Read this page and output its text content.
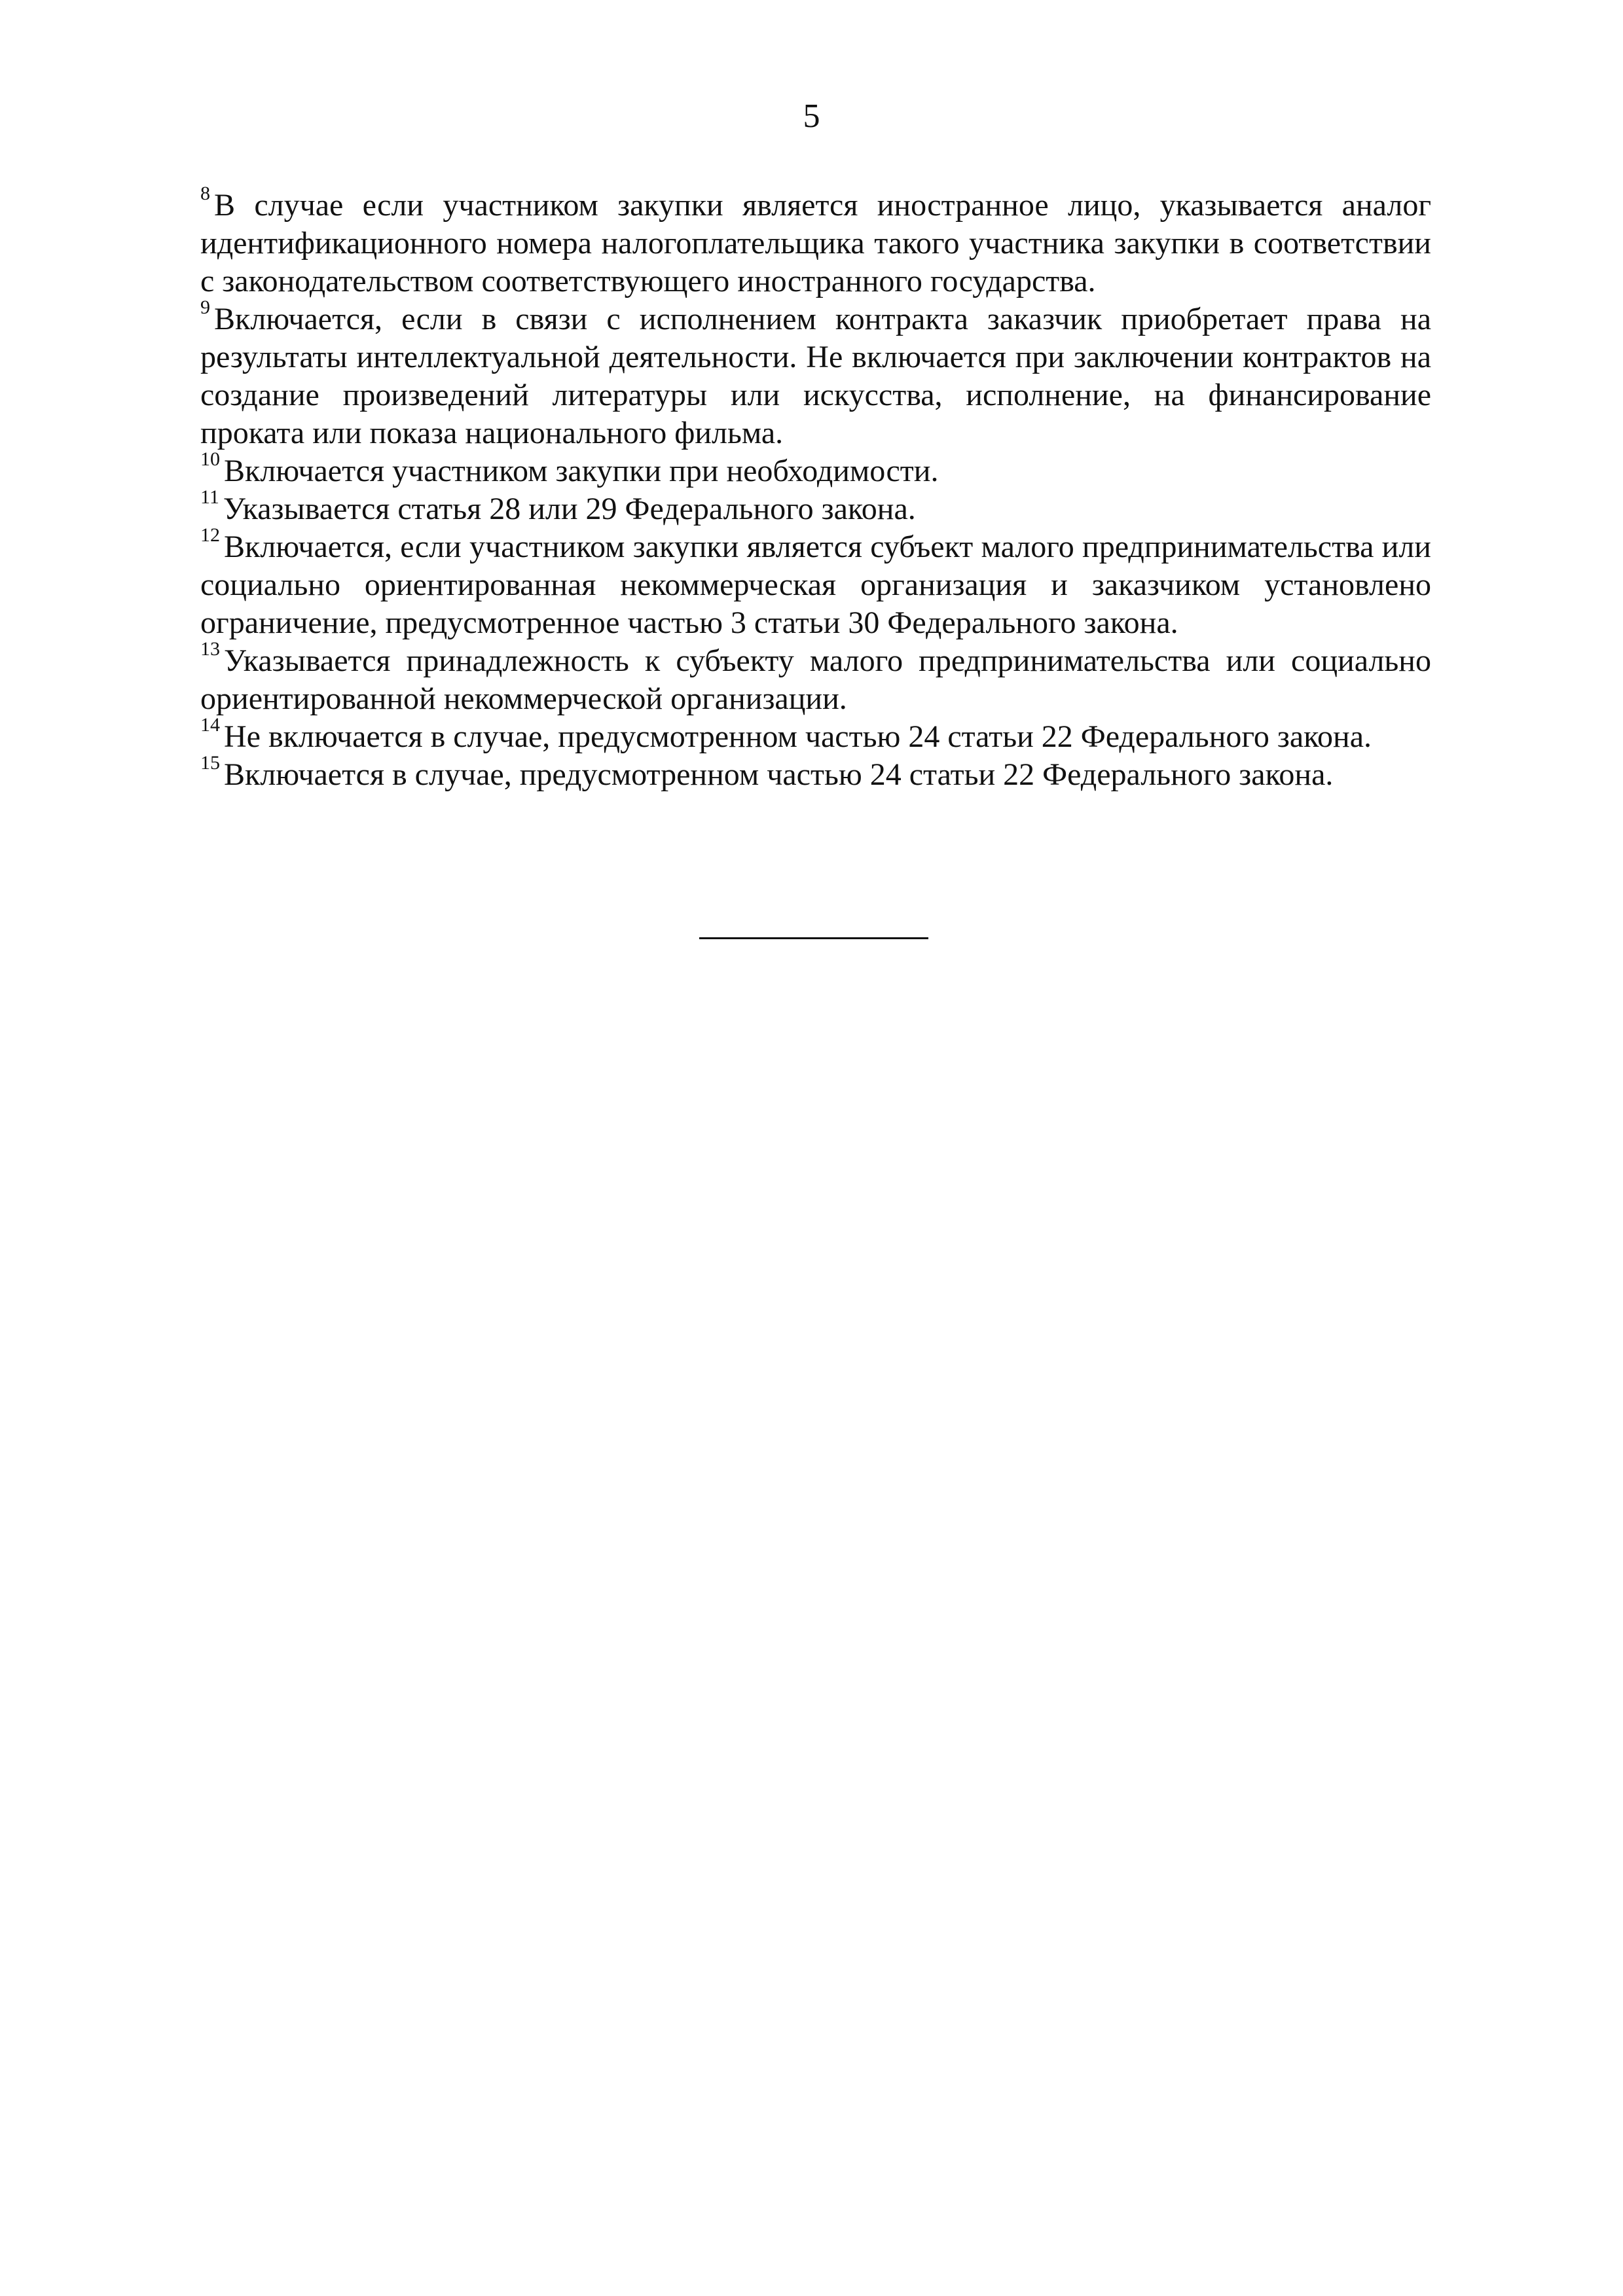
5

$^8$ В случае если участником закупки является иностранное лицо, указывается аналог идентификационного номера налогоплательщика такого участника закупки в соответствии с законодательством соответствующего иностранного государства.

$^9$ Включается, если в связи с исполнением контракта заказчик приобретает права на результаты интеллектуальной деятельности. Не включается при заключении контрактов на создание произведений литературы или искусства, исполнение, на финансирование проката или показа национального фильма.

$^{10}$ Включается участником закупки при необходимости.

$^{11}$ Указывается статья 28 или 29 Федерального закона.

$^{12}$ Включается, если участником закупки является субъект малого предпринимательства или социально ориентированная некоммерческая организация и заказчиком установлено ограничение, предусмотренное частью 3 статьи 30 Федерального закона.

$^{13}$ Указывается принадлежность к субъекту малого предпринимательства или социально ориентированной некоммерческой организации.

$^{14}$ Не включается в случае, предусмотренном частью 24 статьи 22 Федерального закона.

$^{15}$ Включается в случае, предусмотренном частью 24 статьи 22 Федерального закона.
